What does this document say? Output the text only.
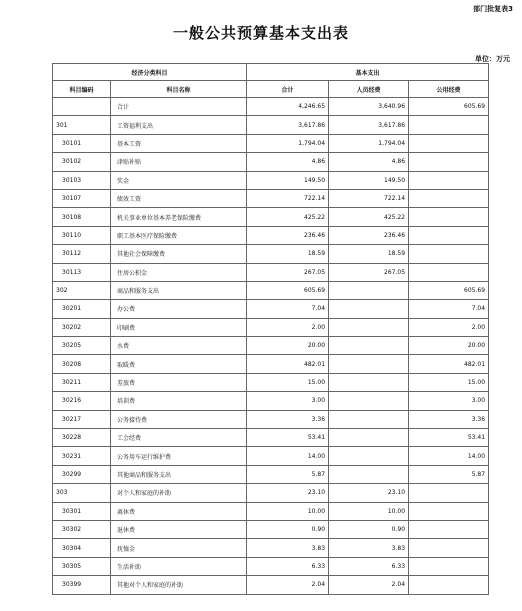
部门批复表3
一般公共预算基本支出表
单位：万元
经济分类科目		基本支出		
科目编码	科目名称	合计	人员经费	公用经费
	合计	4,246.65	3,640.96	605.69
301	工资福利支出	3,617.86	3,617.86	
30101	基本工资	1,794.04	1,794.04	
30102	津贴补贴	4.86	4.86	
30103	奖金	149.50	149.50	
30107	绩效工资	722.14	722.14	
30108	机关事业单位基本养老保险缴费	425.22	425.22	
30110	职工基本医疗保险缴费	236.46	236.46	
30112	其他社会保障缴费	18.59	18.59	
30113	住房公积金	267.05	267.05	
302	商品和服务支出	605.69		605.69
30201	办公费	7.04		7.04
30202	印刷费	2.00		2.00
30205	水费	20.00		20.00
30208	取暖费	482.01		482.01
30211	差旅费	15.00		15.00
30216	培训费	3.00		3.00
30217	公务接待费	3.36		3.36
30228	工会经费	53.41		53.41
30231	公务用车运行维护费	14.00		14.00
30299	其他商品和服务支出	5.87		5.87
303	对个人和家庭的补助	23.10	23.10	
30301	离休费	10.00	10.00	
30302	退休费	0.90	0.90	
30304	抚恤金	3.83	3.83	
30305	生活补助	6.33	6.33	
30399	其他对个人和家庭的补助	2.04	2.04	
